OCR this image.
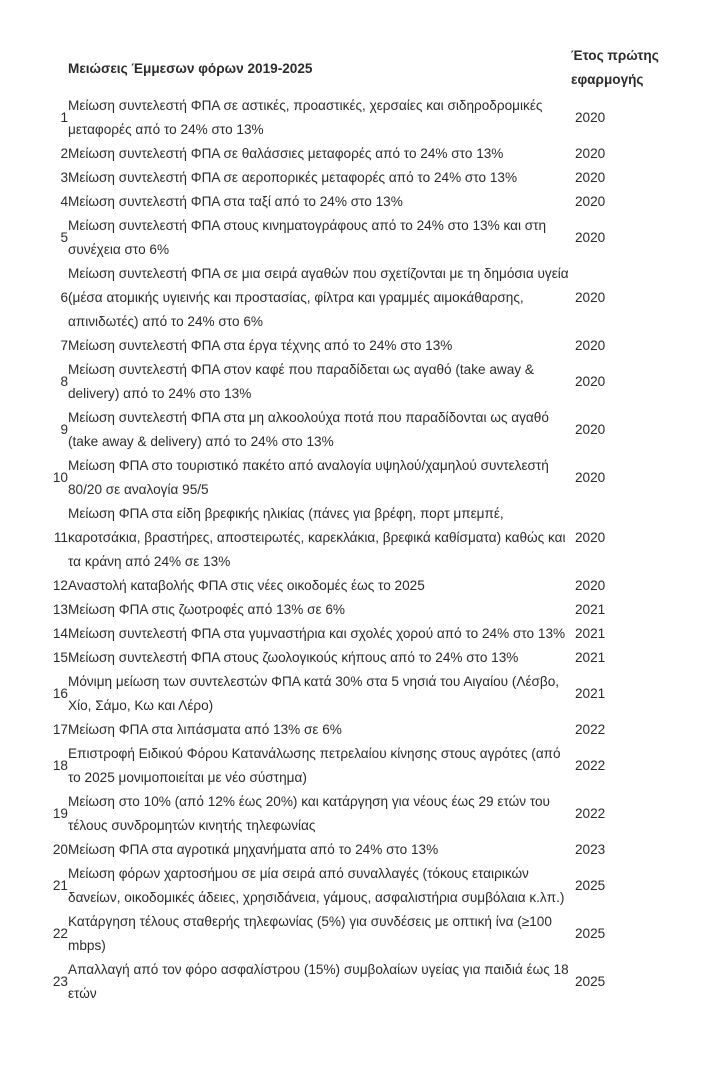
	Μειώσεις Έμμεσων φόρων 2019-2025	Έτος πρώτης εφαρμογής
1	Μείωση συντελεστή ΦΠΑ σε αστικές, προαστικές, χερσαίες και σιδηροδρομικές μεταφορές από το 24% στο 13%	2020
2	Μείωση συντελεστή ΦΠΑ σε θαλάσσιες μεταφορές από το 24% στο 13%	2020
3	Μείωση συντελεστή ΦΠΑ σε αεροπορικές μεταφορές από το 24% στο 13%	2020
4	Μείωση συντελεστή ΦΠΑ στα ταξί από το 24% στο 13%	2020
5	Μείωση συντελεστή ΦΠΑ στους κινηματογράφους από το 24% στο 13% και στη συνέχεια στο 6%	2020
6	Μείωση συντελεστή ΦΠΑ σε μια σειρά αγαθών που σχετίζονται με τη δημόσια υγεία (μέσα ατομικής υγιεινής και προστασίας, φίλτρα και γραμμές αιμοκάθαρσης, απινιδωτές) από το 24% στο 6%	2020
7	Μείωση συντελεστή ΦΠΑ στα έργα τέχνης από το 24% στο 13%	2020
8	Μείωση συντελεστή ΦΠΑ στον καφέ που παραδίδεται ως αγαθό (take away & delivery) από το 24% στο 13%	2020
9	Μείωση συντελεστή ΦΠΑ στα μη αλκοολούχα ποτά που παραδίδονται ως αγαθό (take away & delivery) από το 24% στο 13%	2020
10	Μείωση ΦΠΑ στο τουριστικό πακέτο από αναλογία υψηλού/χαμηλού συντελεστή 80/20 σε αναλογία 95/5	2020
11	Μείωση ΦΠΑ στα είδη βρεφικής ηλικίας (πάνες για βρέφη, πορτ μπεμπέ, καροτσάκια, βραστήρες, αποστειρωτές, καρεκλάκια, βρεφικά καθίσματα) καθώς και τα κράνη από 24% σε 13%	2020
12	Αναστολή καταβολής ΦΠΑ στις νέες οικοδομές έως το 2025	2020
13	Μείωση ΦΠΑ στις ζωοτροφές από 13% σε 6%	2021
14	Μείωση συντελεστή ΦΠΑ στα γυμναστήρια και σχολές χορού από το 24% στο 13%	2021
15	Μείωση συντελεστή ΦΠΑ στους ζωολογικούς κήπους από το 24% στο 13%	2021
16	Μόνιμη μείωση των συντελεστών ΦΠΑ κατά 30% στα 5 νησιά του Αιγαίου (Λέσβο, Χίο, Σάμο, Κω και Λέρο)	2021
17	Μείωση ΦΠΑ στα λιπάσματα από 13% σε 6%	2022
18	Επιστροφή Ειδικού Φόρου Κατανάλωσης πετρελαίου κίνησης στους αγρότες (από το 2025 μονιμοποιείται με νέο σύστημα)	2022
19	Μείωση στο 10% (από 12% έως 20%) και κατάργηση για νέους έως 29 ετών του τέλους συνδρομητών κινητής τηλεφωνίας	2022
20	Μείωση ΦΠΑ στα αγροτικά μηχανήματα από το 24% στο 13%	2023
21	Μείωση φόρων χαρτοσήμου σε μία σειρά από συναλλαγές (τόκους εταιρικών δανείων, οικοδομικές άδειες, χρησιδάνεια, γάμους, ασφαλιστήρια συμβόλαια κ.λπ.)	2025
22	Κατάργηση τέλους σταθερής τηλεφωνίας (5%) για συνδέσεις με οπτική ίνα (≥100 mbps)	2025
23	Απαλλαγή από τον φόρο ασφαλίστρου (15%) συμβολαίων υγείας για παιδιά έως 18 ετών	2025
